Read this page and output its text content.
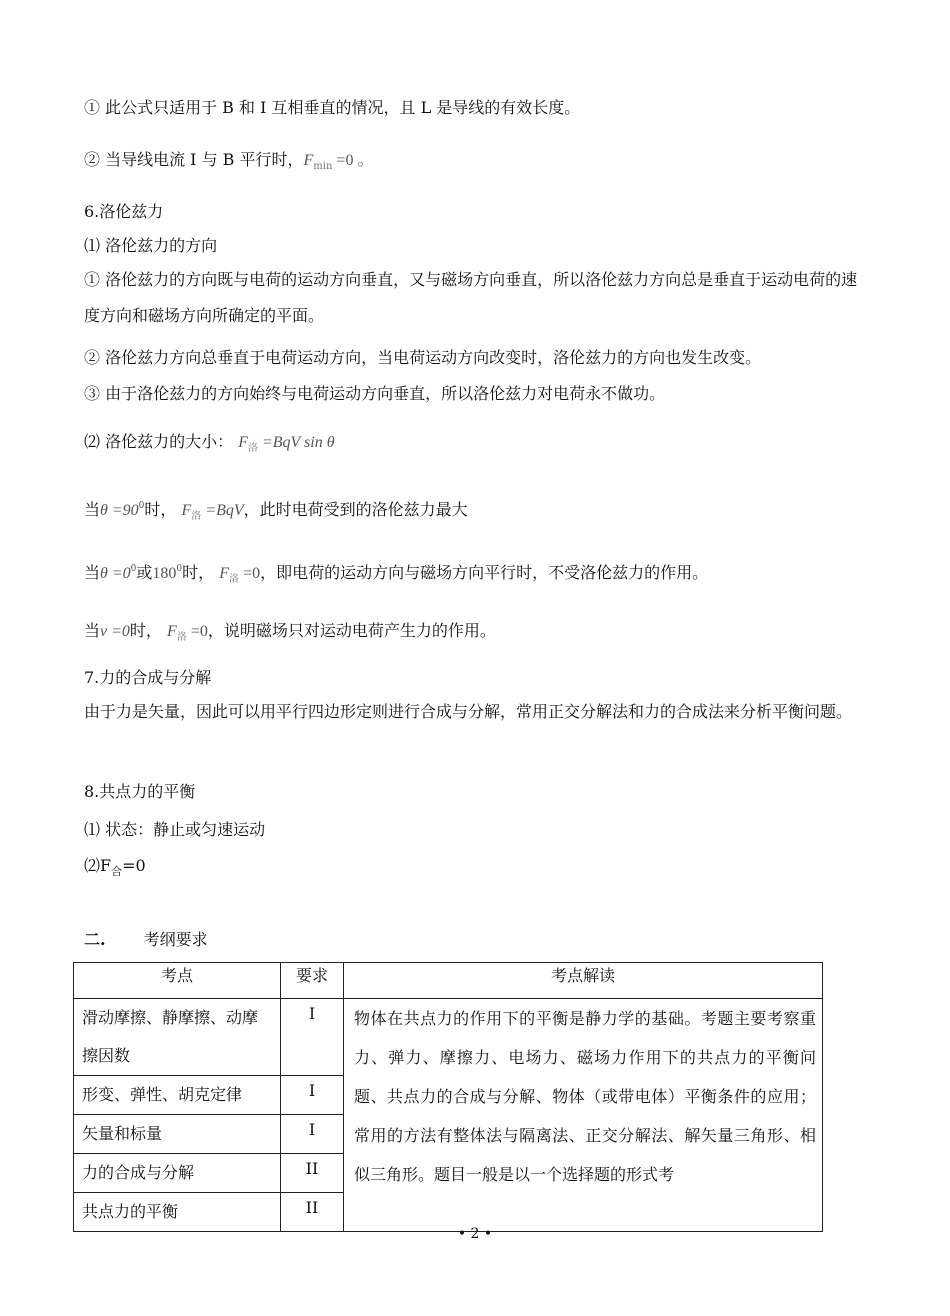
① 此公式只适用于 B 和 I 互相垂直的情况，且 L 是导线的有效长度。
② 当导线电流 I 与 B 平行时，$F_{min} =0$ 。
6.洛伦兹力
⑴ 洛伦兹力的方向
① 洛伦兹力的方向既与电荷的运动方向垂直，又与磁场方向垂直，所以洛伦兹力方向总是垂直于运动电荷的速度方向和磁场方向所确定的平面。
② 洛伦兹力方向总垂直于电荷运动方向，当电荷运动方向改变时，洛伦兹力的方向也发生改变。
③ 由于洛伦兹力的方向始终与电荷运动方向垂直，所以洛伦兹力对电荷永不做功。
⑵ 洛伦兹力的大小： $F_洛 =BqV$ sin θ
当$\theta =90^0$时， $F_洛 =BqV$，此时电荷受到的洛伦兹力最大
当$\theta =0^0$或$180^0$时， $F_洛 =0$，即电荷的运动方向与磁场方向平行时，不受洛伦兹力的作用。
当v =0时， $F_洛 =0$，说明磁场只对运动电荷产生力的作用。
7.力的合成与分解
由于力是矢量，因此可以用平行四边形定则进行合成与分解，常用正交分解法和力的合成法来分析平衡问题。
8.共点力的平衡
⑴ 状态：静止或匀速运动
$⑵F_合=0$
二. 考纲要求
考点	要求	考点解读
滑动摩擦、静摩擦、动摩擦因数	I	物体在共点力的作用下的平衡是静力学的基础。考题主要考察重力、弹力、摩擦力、电场力、磁场力作用下的共点力的平衡问题、共点力的合成与分解、物体（或带电体）平衡条件的应用；常用的方法有整体法与隔离法、正交分解法、解矢量三角形、相似三角形。题目一般是以一个选择题的形式考
形变、弹性、胡克定律	I	
矢量和标量	I	
力的合成与分解	II	
共点力的平衡	II	
• 2 •
